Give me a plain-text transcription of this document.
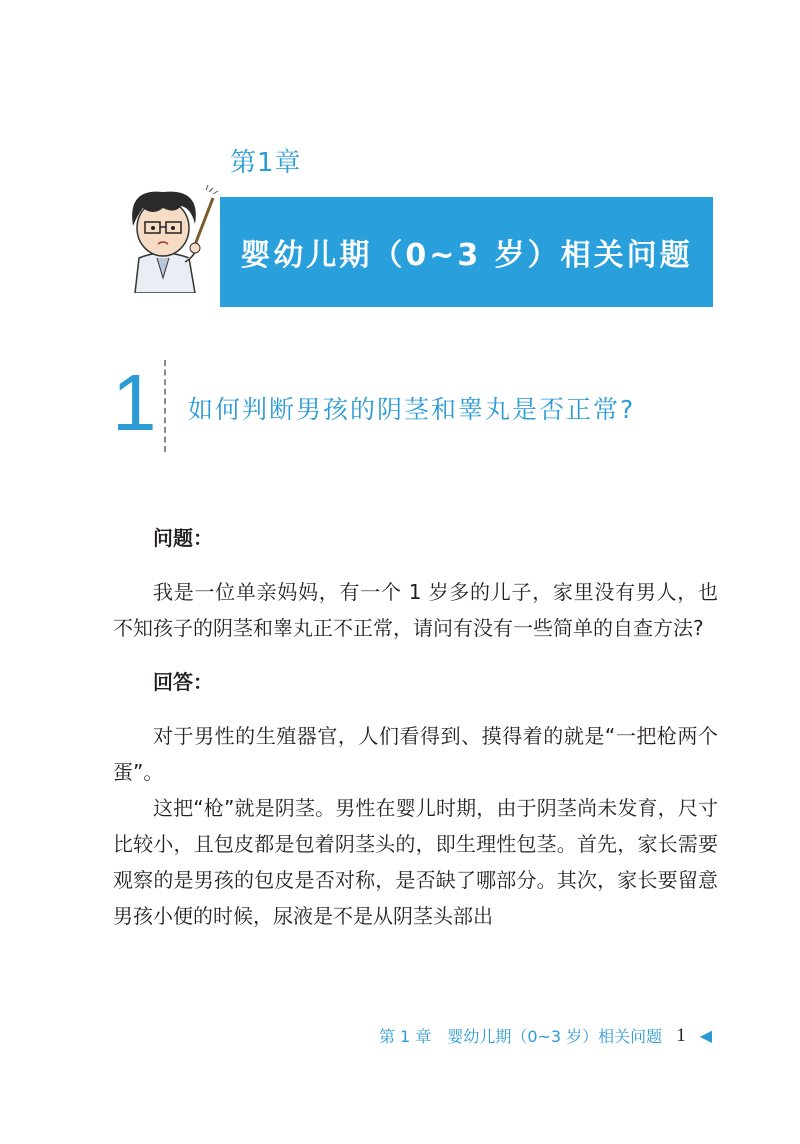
第1章
婴幼儿期（0~3 岁）相关问题
1 如何判断男孩的阴茎和睾丸是否正常?

问题：

我是一位单亲妈妈，有一个 1 岁多的儿子，家里没有男人，也不知孩子的阴茎和睾丸正不正常，请问有没有一些简单的自查方法?

回答：

对于男性的生殖器官，人们看得到、摸得着的就是“一把枪两个蛋”。

这把“枪”就是阴茎。男性在婴儿时期，由于阴茎尚未发育，尺寸比较小，且包皮都是包着阴茎头的，即生理性包茎。首先，家长需要观察的是男孩的包皮是否对称，是否缺了哪部分。其次，家长要留意男孩小便的时候，尿液是不是从阴茎头部出

第 1 章　婴幼儿期（0~3 岁）相关问题 1 ◀
